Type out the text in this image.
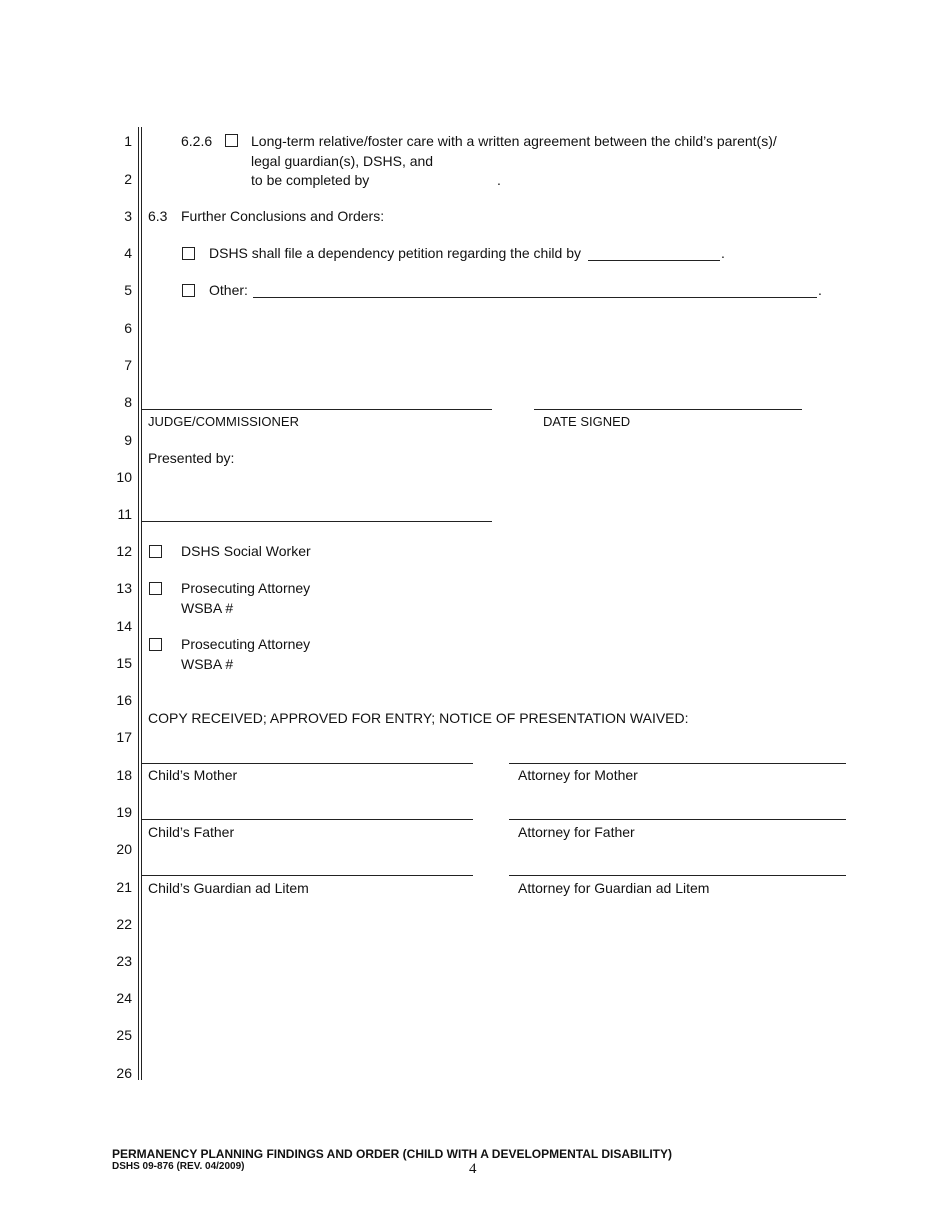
1
2
3
4
5
6
7
8
9
10
11
12
13
14
15
16
17
18
19
20
21
22
23
24
25
26
6.2.6	Long-term relative/foster care with a written agreement between the child’s parent(s)/
legal guardian(s), DSHS, and
to be completed by	.
6.3 Further Conclusions and Orders:
DSHS shall file a dependency petition regarding the child by	.
Other:	.
JUDGE/COMMISSIONER	DATE SIGNED
Presented by:
DSHS Social Worker
Prosecuting Attorney
WSBA #
Prosecuting Attorney
WSBA #
COPY RECEIVED; APPROVED FOR ENTRY; NOTICE OF PRESENTATION WAIVED:
Child’s Mother	Attorney for Mother
Child’s Father	Attorney for Father
Child’s Guardian ad Litem	Attorney for Guardian ad Litem
PERMANENCY PLANNING FINDINGS AND ORDER (CHILD WITH A DEVELOPMENTAL DISABILITY)
DSHS 09-876 (REV. 04/2009)	4
